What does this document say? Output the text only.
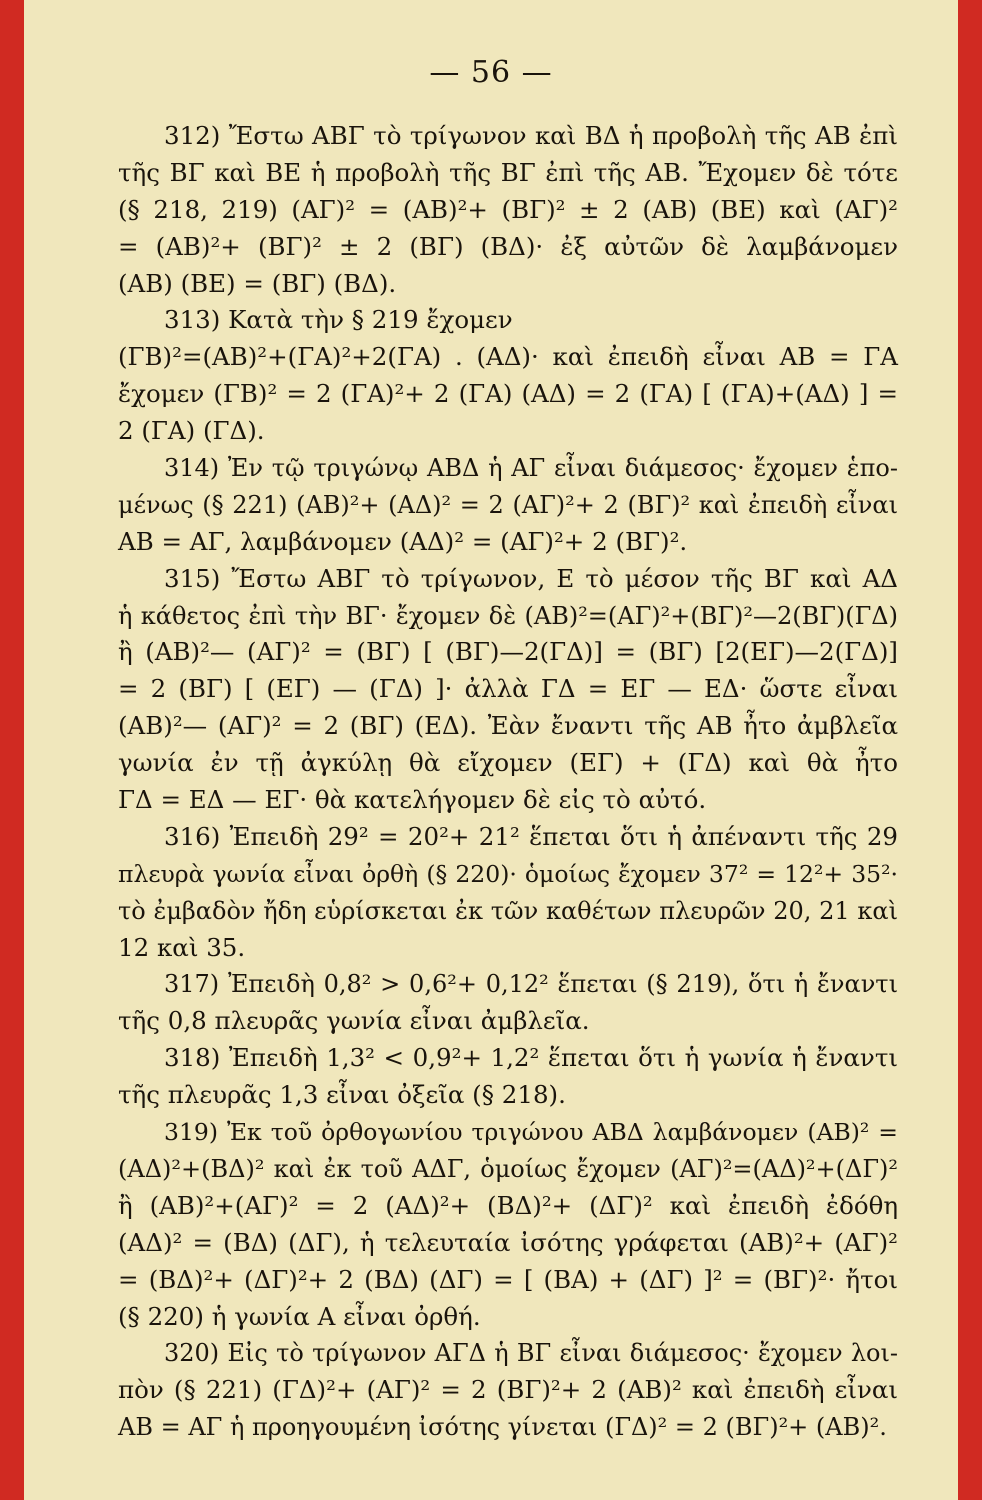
— 56 —
312) Ἔστω ΑΒΓ τὸ τρίγωνον καὶ ΒΔ ἡ προβολὴ τῆς ΑΒ ἐπὶ
τῆς ΒΓ καὶ ΒΕ ἡ προβολὴ τῆς ΒΓ ἐπὶ τῆς ΑΒ. Ἔχομεν δὲ τότε
(§ 218, 219) (ΑΓ)² = (ΑΒ)²+ (ΒΓ)² ± 2 (ΑΒ) (ΒΕ) καὶ (ΑΓ)²
= (ΑΒ)²+ (ΒΓ)² ± 2 (ΒΓ) (ΒΔ)· ἐξ αὐτῶν δὲ λαμβάνομεν
(ΑΒ) (ΒΕ) = (ΒΓ) (ΒΔ).
313) Κατὰ τὴν § 219 ἔχομεν
(ΓΒ)²=(ΑΒ)²+(ΓΑ)²+2(ΓΑ) . (ΑΔ)· καὶ ἐπειδὴ εἶναι ΑΒ = ΓΑ
ἔχομεν (ΓΒ)² = 2 (ΓΑ)²+ 2 (ΓΑ) (ΑΔ) = 2 (ΓΑ) [ (ΓΑ)+(ΑΔ) ] =
2 (ΓΑ) (ΓΔ).
314) Ἐν τῷ τριγώνῳ ΑΒΔ ἡ ΑΓ εἶναι διάμεσος· ἔχομεν ἑπο-
μένως (§ 221) (ΑΒ)²+ (ΑΔ)² = 2 (ΑΓ)²+ 2 (ΒΓ)² καὶ ἐπειδὴ εἶναι
ΑΒ = ΑΓ, λαμβάνομεν (ΑΔ)² = (ΑΓ)²+ 2 (ΒΓ)².
315) Ἔστω ΑΒΓ τὸ τρίγωνον, Ε τὸ μέσον τῆς ΒΓ καὶ ΑΔ
ἡ κάθετος ἐπὶ τὴν ΒΓ· ἔχομεν δὲ (ΑΒ)²=(ΑΓ)²+(ΒΓ)²—2(ΒΓ)(ΓΔ)
ἢ (ΑΒ)²— (ΑΓ)² = (ΒΓ) [ (ΒΓ)—2(ΓΔ)] = (ΒΓ) [2(ΕΓ)—2(ΓΔ)]
= 2 (ΒΓ) [ (ΕΓ) — (ΓΔ) ]· ἀλλὰ ΓΔ = ΕΓ — ΕΔ· ὥστε εἶναι
(ΑΒ)²— (ΑΓ)² = 2 (ΒΓ) (ΕΔ). Ἐὰν ἔναντι τῆς ΑΒ ἦτο ἀμβλεῖα
γωνία ἐν τῇ ἀγκύλῃ θὰ εἴχομεν (ΕΓ) + (ΓΔ) καὶ θὰ ἦτο
ΓΔ = ΕΔ — ΕΓ· θὰ κατελήγομεν δὲ εἰς τὸ αὐτό.
316) Ἐπειδὴ 29² = 20²+ 21² ἕπεται ὅτι ἡ ἀπέναντι τῆς 29
πλευρὰ γωνία εἶναι ὀρθὴ (§ 220)· ὁμοίως ἔχομεν 37² = 12²+ 35²·
τὸ ἐμβαδὸν ἤδη εὑρίσκεται ἐκ τῶν καθέτων πλευρῶν 20, 21 καὶ
12 καὶ 35.
317) Ἐπειδὴ 0,8² > 0,6²+ 0,12² ἕπεται (§ 219), ὅτι ἡ ἔναντι
τῆς 0,8 πλευρᾶς γωνία εἶναι ἀμβλεῖα.
318) Ἐπειδὴ 1,3² < 0,9²+ 1,2² ἕπεται ὅτι ἡ γωνία ἡ ἔναντι
τῆς πλευρᾶς 1,3 εἶναι ὀξεῖα (§ 218).
319) Ἐκ τοῦ ὀρθογωνίου τριγώνου ΑΒΔ λαμβάνομεν (ΑΒ)² =
(ΑΔ)²+(ΒΔ)² καὶ ἐκ τοῦ ΑΔΓ, ὁμοίως ἔχομεν (ΑΓ)²=(ΑΔ)²+(ΔΓ)²
ἢ (ΑΒ)²+(ΑΓ)² = 2 (ΑΔ)²+ (ΒΔ)²+ (ΔΓ)² καὶ ἐπειδὴ ἐδόθη
(ΑΔ)² = (ΒΔ) (ΔΓ), ἡ τελευταία ἰσότης γράφεται (ΑΒ)²+ (ΑΓ)²
= (ΒΔ)²+ (ΔΓ)²+ 2 (ΒΔ) (ΔΓ) = [ (ΒΑ) + (ΔΓ) ]² = (ΒΓ)²· ἤτοι
(§ 220) ἡ γωνία Α εἶναι ὀρθή.
320) Εἰς τὸ τρίγωνον ΑΓΔ ἡ ΒΓ εἶναι διάμεσος· ἔχομεν λοι-
πὸν (§ 221) (ΓΔ)²+ (ΑΓ)² = 2 (ΒΓ)²+ 2 (ΑΒ)² καὶ ἐπειδὴ εἶναι
ΑΒ = ΑΓ ἡ προηγουμένη ἰσότης γίνεται (ΓΔ)² = 2 (ΒΓ)²+ (ΑΒ)².
